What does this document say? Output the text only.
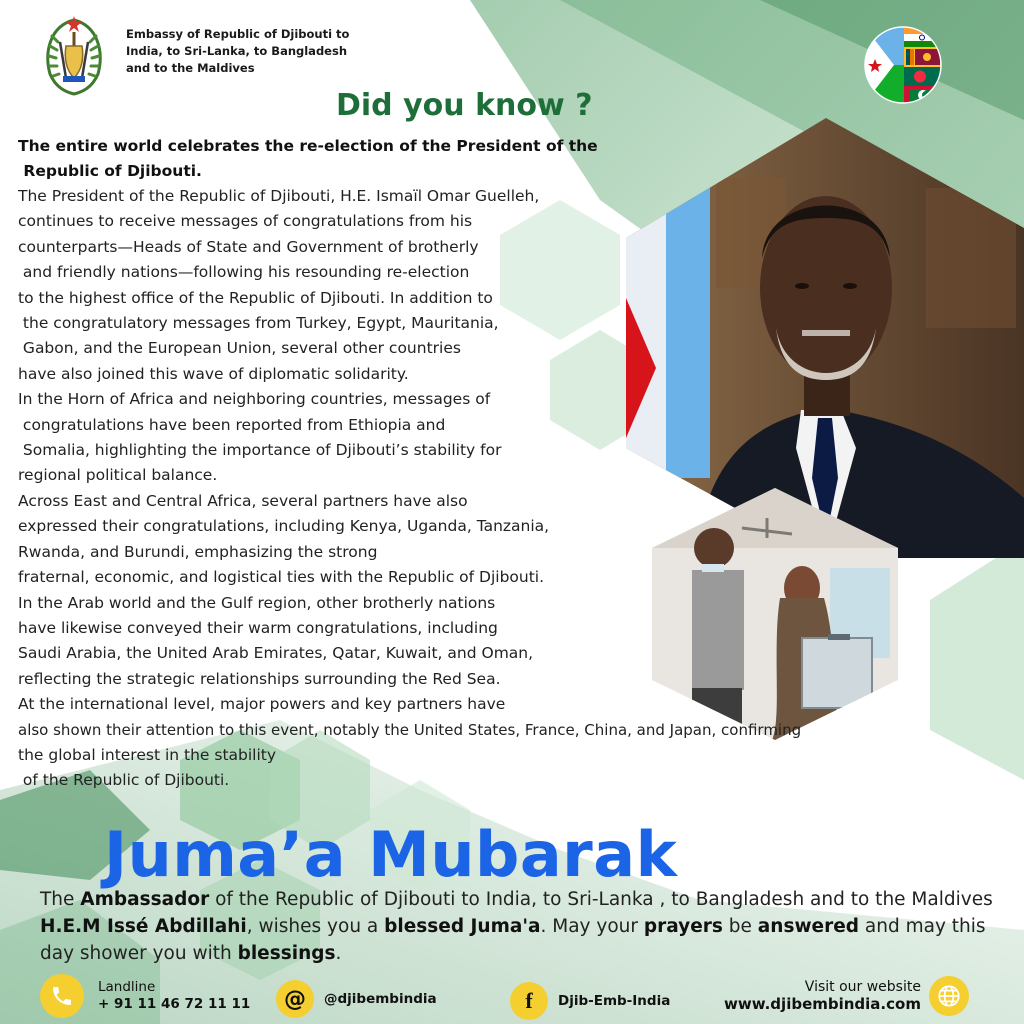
Embassy of Republic of Djibouti to India, to Sri-Lanka, to Bangladesh and to the Maldives
Did you know ?
The entire world celebrates the re-election of the President of the
Republic of Djibouti.
The President of the Republic of Djibouti, H.E. Ismaïl Omar Guelleh,
continues to receive messages of congratulations from his
counterparts—Heads of State and Government of brotherly
and friendly nations—following his resounding re-election
to the highest office of the Republic of Djibouti. In addition to
the congratulatory messages from Turkey, Egypt, Mauritania,
Gabon, and the European Union, several other countries
have also joined this wave of diplomatic solidarity.
In the Horn of Africa and neighboring countries, messages of
congratulations have been reported from Ethiopia and
Somalia, highlighting the importance of Djibouti’s stability for
regional political balance.
Across East and Central Africa, several partners have also
expressed their congratulations, including Kenya, Uganda, Tanzania,
Rwanda, and Burundi, emphasizing the strong
fraternal, economic, and logistical ties with the Republic of Djibouti.
In the Arab world and the Gulf region, other brotherly nations
have likewise conveyed their warm congratulations, including
Saudi Arabia, the United Arab Emirates, Qatar, Kuwait, and Oman,
reflecting the strategic relationships surrounding the Red Sea.
At the international level, major powers and key partners have
also shown their attention to this event, notably the United States, France, China, and Japan, confirming
the global interest in the stability
of the Republic of Djibouti.
Juma’a Mubarak
The Ambassador of the Republic of Djibouti to India, to Sri-Lanka , to Bangladesh and to the Maldives H.E.M Issé Abdillahi, wishes you a blessed Juma'a. May your prayers be answered and may this day shower you with blessings.
Landline
+ 91 11 46 72 11 11 @ @djibembindia	f Djib-Emb-India
Visit our website
www.djibembindia.com
